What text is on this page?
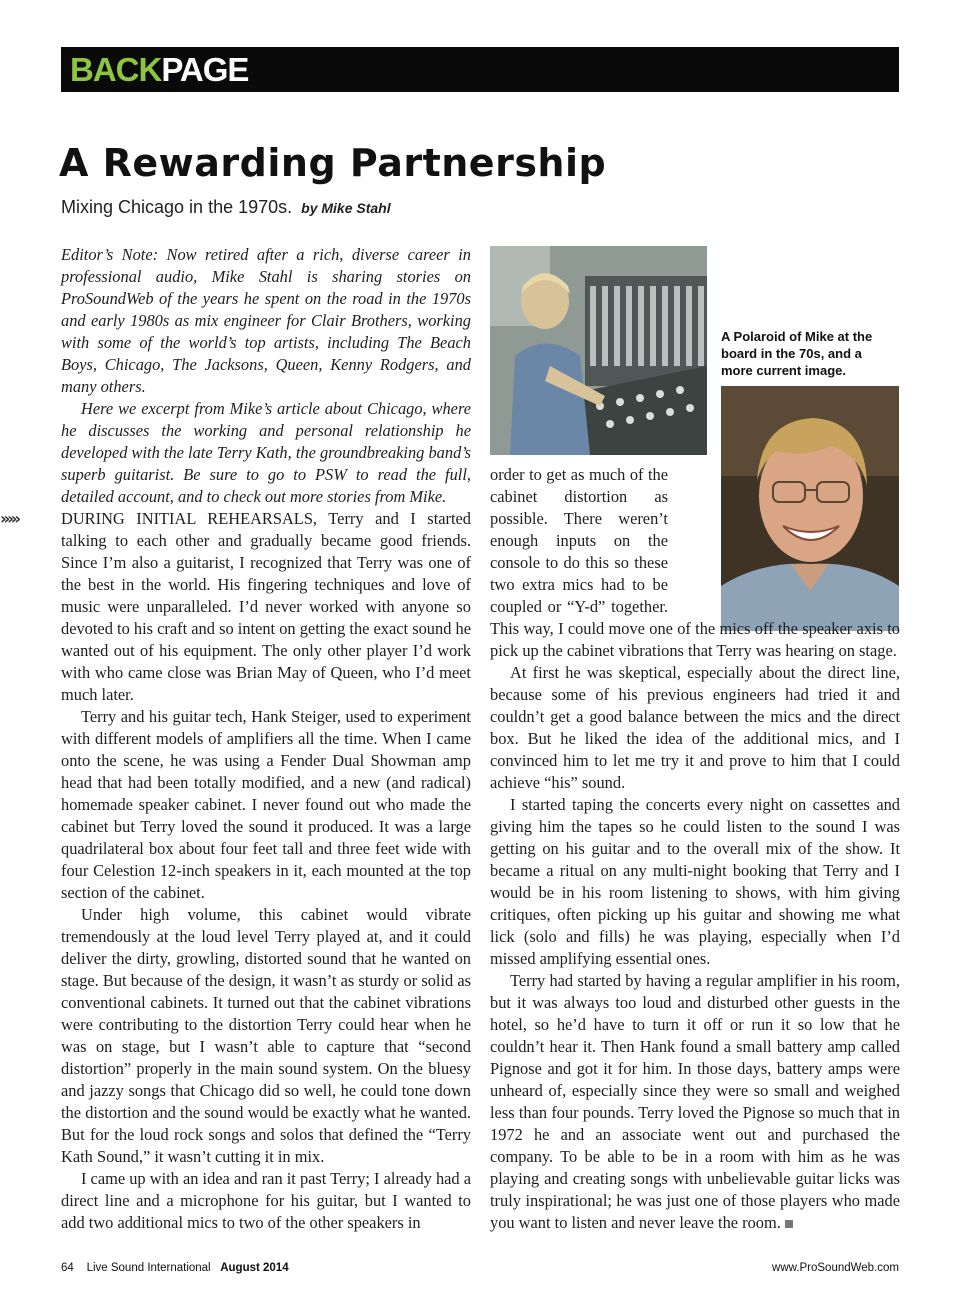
BACKPAGE
A Rewarding Partnership
Mixing Chicago in the 1970s. by Mike Stahl

Editor’s Note: Now retired after a rich, diverse career in professional audio, Mike Stahl is sharing stories on ProSoundWeb of the years he spent on the road in the 1970s and early 1980s as mix engineer for Clair Brothers, working with some of the world’s top artists, including The Beach Boys, Chicago, The Jacksons, Queen, Kenny Rodgers, and many others.

Here we excerpt from Mike’s article about Chicago, where he discusses the working and personal relationship he developed with the late Terry Kath, the groundbreaking band’s superb guitarist. Be sure to go to PSW to read the full, detailed account, and to check out more stories from Mike.

A Polaroid of Mike at the board in the 70s, and a more current image.
›››››	DURING INITIAL REHEARSALS, Terry and I started talking to each other and gradually became good friends. Since I’m also a guitarist, I recognized that Terry was one of the best in the world. His fingering techniques and love of music were unparalleled. I’d never worked with anyone so devoted to his craft and so intent on getting the exact sound he wanted out of his equipment. The only other player I’d work with who came close was Brian May of Queen, who I’d meet much later.

Terry and his guitar tech, Hank Steiger, used to experiment with different models of amplifiers all the time. When I came onto the scene, he was using a Fender Dual Showman amp head that had been totally modified, and a new (and radical) homemade speaker cabinet. I never found out who made the cabinet but Terry loved the sound it produced. It was a large quadrilateral box about four feet tall and three feet wide with four Celestion 12-inch speakers in it, each mounted at the top section of the cabinet.

Under high volume, this cabinet would vibrate tremendously at the loud level Terry played at, and it could deliver the dirty, growling, distorted sound that he wanted on stage. But because of the design, it wasn’t as sturdy or solid as conventional cabinets. It turned out that the cabinet vibrations were contributing to the distortion Terry could hear when he was on stage, but I wasn’t able to capture that “second distortion” properly in the main sound system. On the bluesy and jazzy songs that Chicago did so well, he could tone down the distortion and the sound would be exactly what he wanted. But for the loud rock songs and solos that defined the “Terry Kath Sound,” it wasn’t cutting it in mix.

I came up with an idea and ran it past Terry; I already had a direct line and a microphone for his guitar, but I wanted to add two additional mics to two of the other speakers in

order to get as much of the cabinet distortion as possible. There weren’t enough inputs on the console to do this so these two extra mics had to be coupled or “Y-d” together. This way, I could move one of the mics off the speaker axis to pick up the cabinet vibrations that Terry was hearing on stage.

At first he was skeptical, especially about the direct line, because some of his previous engineers had tried it and couldn’t get a good balance between the mics and the direct box. But he liked the idea of the additional mics, and I convinced him to let me try it and prove to him that I could achieve “his” sound.

I started taping the concerts every night on cassettes and giving him the tapes so he could listen to the sound I was getting on his guitar and to the overall mix of the show. It became a ritual on any multi-night booking that Terry and I would be in his room listening to shows, with him giving critiques, often picking up his guitar and showing me what lick (solo and fills) he was playing, especially when I’d missed amplifying essential ones.

Terry had started by having a regular amplifier in his room, but it was always too loud and disturbed other guests in the hotel, so he’d have to turn it off or run it so low that he couldn’t hear it. Then Hank found a small battery amp called Pignose and got it for him. In those days, battery amps were unheard of, especially since they were so small and weighed less than four pounds. Terry loved the Pignose so much that in 1972 he and an associate went out and purchased the company. To be able to be in a room with him as he was playing and creating songs with unbelievable guitar licks was truly inspirational; he was just one of those players who made you want to listen and never leave the room.

64 Live Sound International August 2014	www.ProSoundWeb.com
